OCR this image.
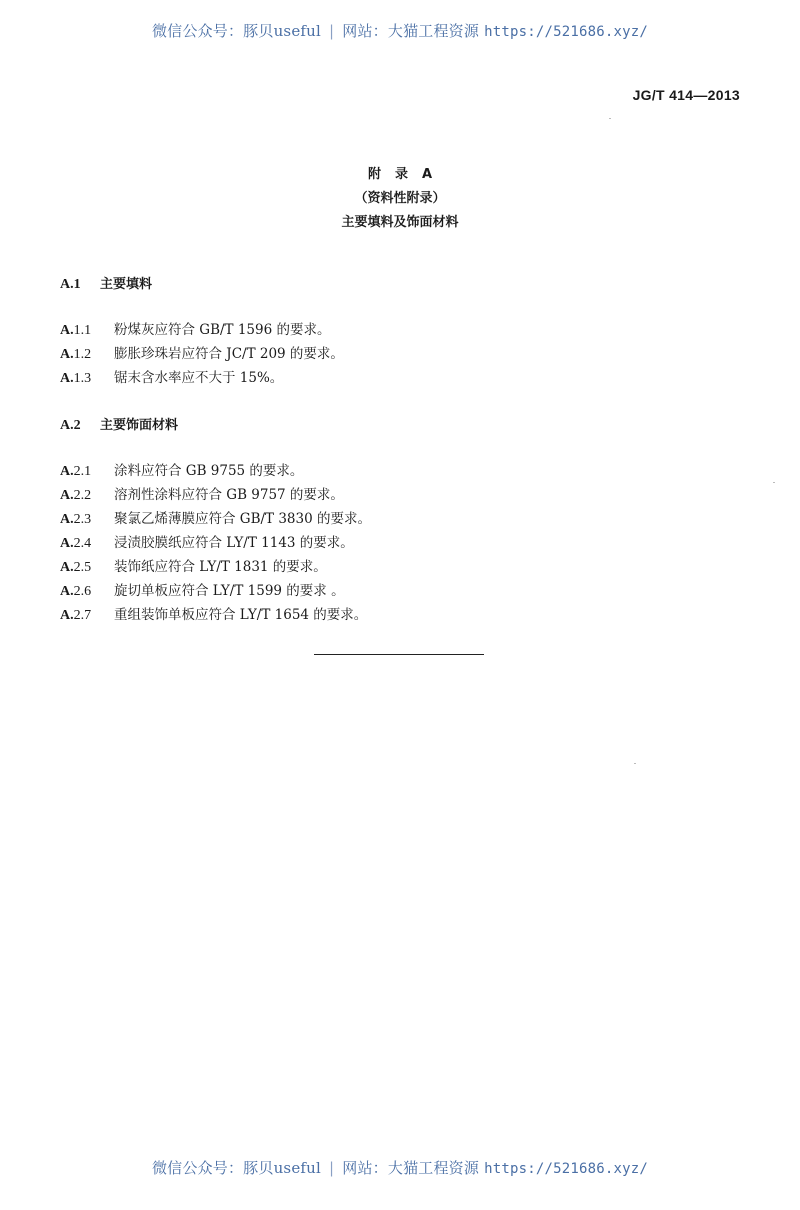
微信公众号：豚贝useful | 网站：大猫工程资源 https://521686.xyz/
JG/T 414—2013
附录A
（资料性附录）
主要填料及饰面材料
A.1 主要填料
A.1.1 粉煤灰应符合 GB/T 1596 的要求。
A.1.2 膨胀珍珠岩应符合 JC/T 209 的要求。
A.1.3 锯末含水率应不大于 15%。
A.2 主要饰面材料
A.2.1 涂料应符合 GB 9755 的要求。
A.2.2 溶剂性涂料应符合 GB 9757 的要求。
A.2.3 聚氯乙烯薄膜应符合 GB/T 3830 的要求。
A.2.4 浸渍胶膜纸应符合 LY/T 1143 的要求。
A.2.5 装饰纸应符合 LY/T 1831 的要求。
A.2.6 旋切单板应符合 LY/T 1599 的要求 。
A.2.7 重组装饰单板应符合 LY/T 1654 的要求。
微信公众号：豚贝useful | 网站：大猫工程资源 https://521686.xyz/
